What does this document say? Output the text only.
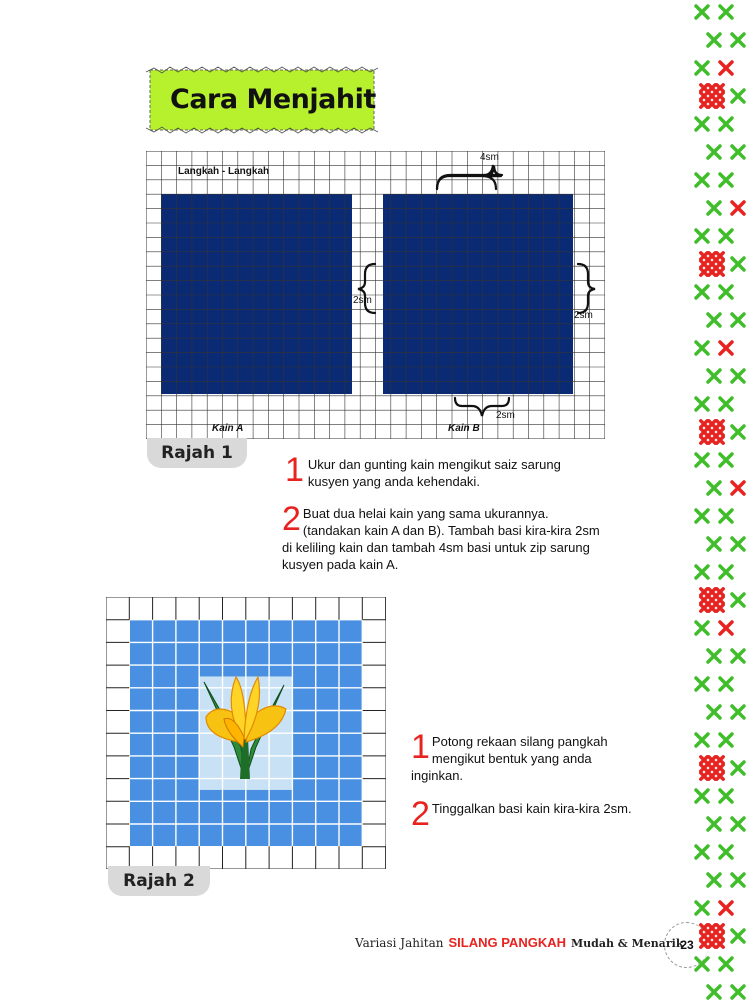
Cara Menjahit
Langkah - Langkah
4sm
2sm
2sm
2sm
Kain A	Kain B
Rajah 1	1 Ukur dan gunting kain mengikut saiz sarung kusyen yang anda kehendaki.
2 Buat dua helai kain yang sama ukurannya. (tandakan kain A dan B). Tambah basi kira-kira 2sm di keliling kain dan tambah 4sm basi untuk zip sarung kusyen pada kain A.
Rajah 2
1 Potong rekaan silang pangkah mengikut bentuk yang anda inginkan.
2 Tinggalkan basi kain kira-kira 2sm.
Variasi Jahitan SILANG PANGKAH Mudah & Menarik
23
